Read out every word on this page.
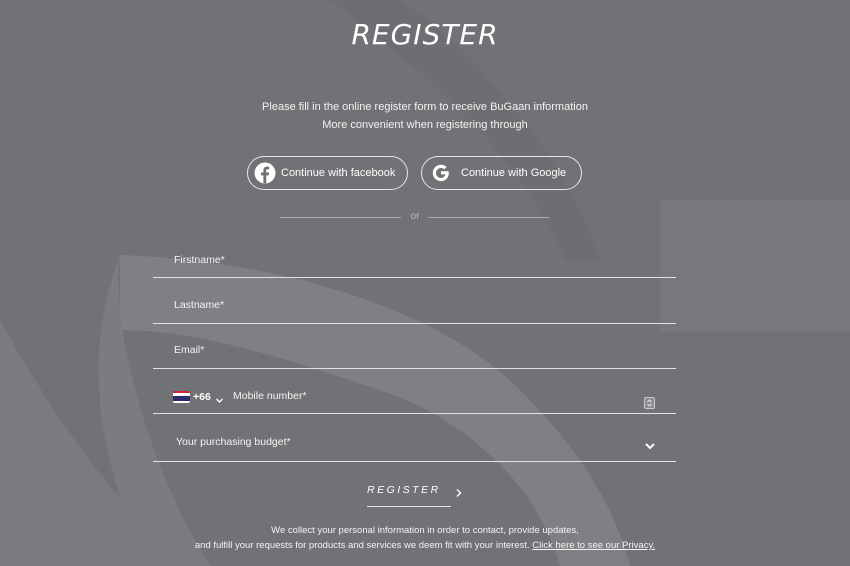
REGISTER
Please fill in the online register form to receive BuGaan information
More convenient when registering through
Continue with facebook	Continue with Google
or
Firstname*
Lastname*
Email*
+66 Mobile number*
Your purchasing budget*
REGISTER
We collect your personal information in order to contact, provide updates,
and fulfill your requests for products and services we deem fit with your interest. Click here to see our Privacy.
